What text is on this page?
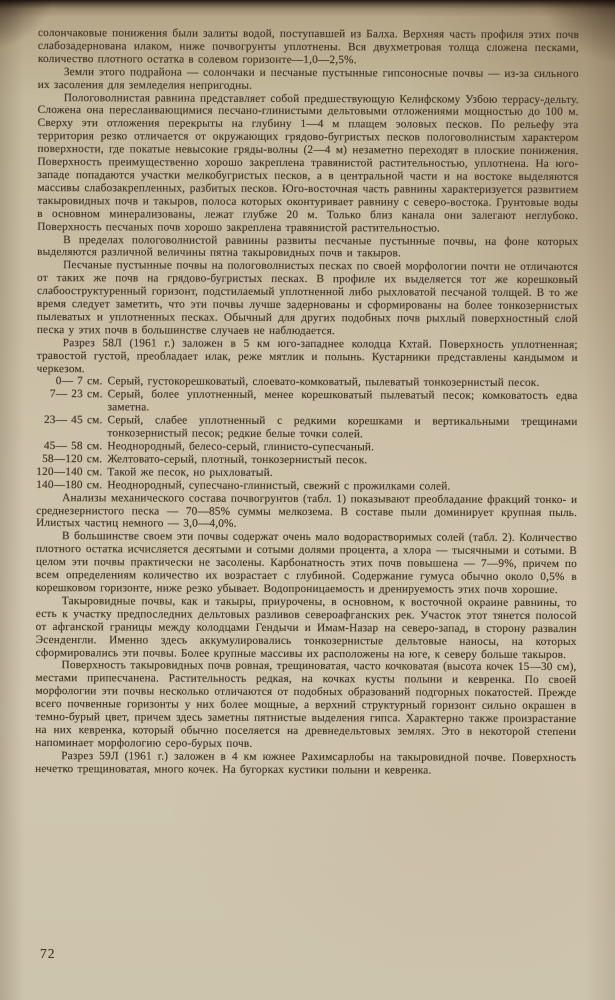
солончаковые понижения были залиты водой, поступавшей из Балха. Верхняя часть профиля этих почв слабозадернована илаком, ниже почвогрунты уплотнены. Вся двухметровая толща сложена песками, количество плотного остатка в солевом горизонте—1,0—2,5%.

Земли этого подрайона — солончаки и песчаные пустынные гипсоносные почвы — из-за сильного их засоления для земледелия непригодны.

Пологоволнистая равнина представляет собой предшествующую Келифскому Узбою террасу-дельту. Сложена она переслаивающимися песчано-глинистыми дельтовыми отложениями мощностью до 100 м. Сверху эти отложения перекрыты на глубину 1—4 м плащем эоловых песков. По рельефу эта территория резко отличается от окружающих грядово-бугристых песков пологоволнистым характером поверхности, где покатые невысокие гряды-волны (2—4 м) незаметно переходят в плоские понижения. Поверхность преимущественно хорошо закреплена травянистой растительностью, уплотнена. На юго-западе попадаются участки мелкобугристых песков, а в центральной части и на востоке выделяются массивы слабозакрепленных, разбитых песков. Юго-восточная часть равнины характеризуется развитием такыровидных почв и такыров, полоса которых оконтуривает равнину с северо-востока. Грунтовые воды в основном минерализованы, лежат глубже 20 м. Только близ канала они залегают неглубоко. Поверхность песчаных почв хорошо закреплена травянистой растительностью.

В пределах пологоволнистой равнины развиты песчаные пустынные почвы, на фоне которых выделяются различной величины пятна такыровидных почв и такыров.

Песчаные пустынные почвы на пологоволнистых песках по своей морфологии почти не отличаются от таких же почв на грядово-бугристых песках. В профиле их выделяется тот же корешковый слабооструктуренный горизонт, подстилаемый уплотненной либо рыхловатой песчаной толщей. В то же время следует заметить, что эти почвы лучше задернованы и сформированы на более тонкозернистых пылеватых и уплотненных песках. Обычный для других подобных почв рыхлый поверхностный слой песка у этих почв в большинстве случаев не наблюдается.

Разрез 58Л (1961 г.) заложен в 5 км юго-западнее колодца Кхтай. Поверхность уплотненная; травостой густой, преобладает илак, реже мятлик и полынь. Кустарники представлены кандымом и черкезом.

0— 7 см. Серый, густокорешковатый, слоевато-комковатый, пылеватый тонкозернистый песок.
7— 23 см. Серый, более уплотненный, менее корешковатый пылеватый песок; комковатость едва заметна.
23— 45 см. Серый, слабее уплотненный с редкими корешками и вертикальными трещинами тонкозернистый песок; редкие белые точки солей.
45— 58 см. Неоднородный, белесо-серый, глинисто-супесчаный.
58—120 см. Желтовато-серый, плотный, тонкозернистый песок.
120—140 см. Такой же песок, но рыхловатый.
140—180 см. Неоднородный, супесчано-глинистый, свежий с прожилками солей.

Анализы механического состава почвогрунтов (табл. 1) показывают преобладание фракций тонко- и среднезернистого песка — 70—85% суммы мелкозема. В составе пыли доминирует крупная пыль. Илистых частиц немного — 3,0—4,0%.

В большинстве своем эти почвы содержат очень мало водорастворимых солей (табл. 2). Количество плотного остатка исчисляется десятыми и сотыми долями процента, а хлора — тысячными и сотыми. В целом эти почвы практически не засолены. Карбонатность этих почв повышена — 7—9%, причем по всем определениям количество их возрастает с глубиной. Содержание гумуса обычно около 0,5% в корешковом горизонте, ниже резко убывает. Водопроницаемость и дренируемость этих почв хорошие.

Такыровидные почвы, как и такыры, приурочены, в основном, к восточной окраине равнины, то есть к участку предпоследних дельтовых разливов североафганских рек. Участок этот тянется полосой от афганской границы между колодцами Гендычи и Имам-Назар на северо-запад, в сторону развалин Эсенденгли. Именно здесь аккумулировались тонкозернистые дельтовые наносы, на которых сформировались эти почвы. Более крупные массивы их расположены на юге, к северу больше такыров.

Поверхность такыровидных почв ровная, трещиноватая, часто кочковатая (высота кочек 15—30 см), местами припесчанена. Растительность редкая, на кочках кусты полыни и кевренка. По своей морфологии эти почвы несколько отличаются от подобных образований подгорных покатостей. Прежде всего почвенные горизонты у них более мощные, а верхний структурный горизонт сильно окрашен в темно-бурый цвет, причем здесь заметны пятнистые выделения гипса. Характерно также произрастание на них кевренка, который обычно поселяется на древнедельтовых землях. Это в некоторой степени напоминает морфологию серо-бурых почв.

Разрез 59Л (1961 г.) заложен в 4 км южнее Рахимсарлобы на такыровидной почве. Поверхность нечетко трещиноватая, много кочек. На бугорках кустики полыни и кевренка.

72
